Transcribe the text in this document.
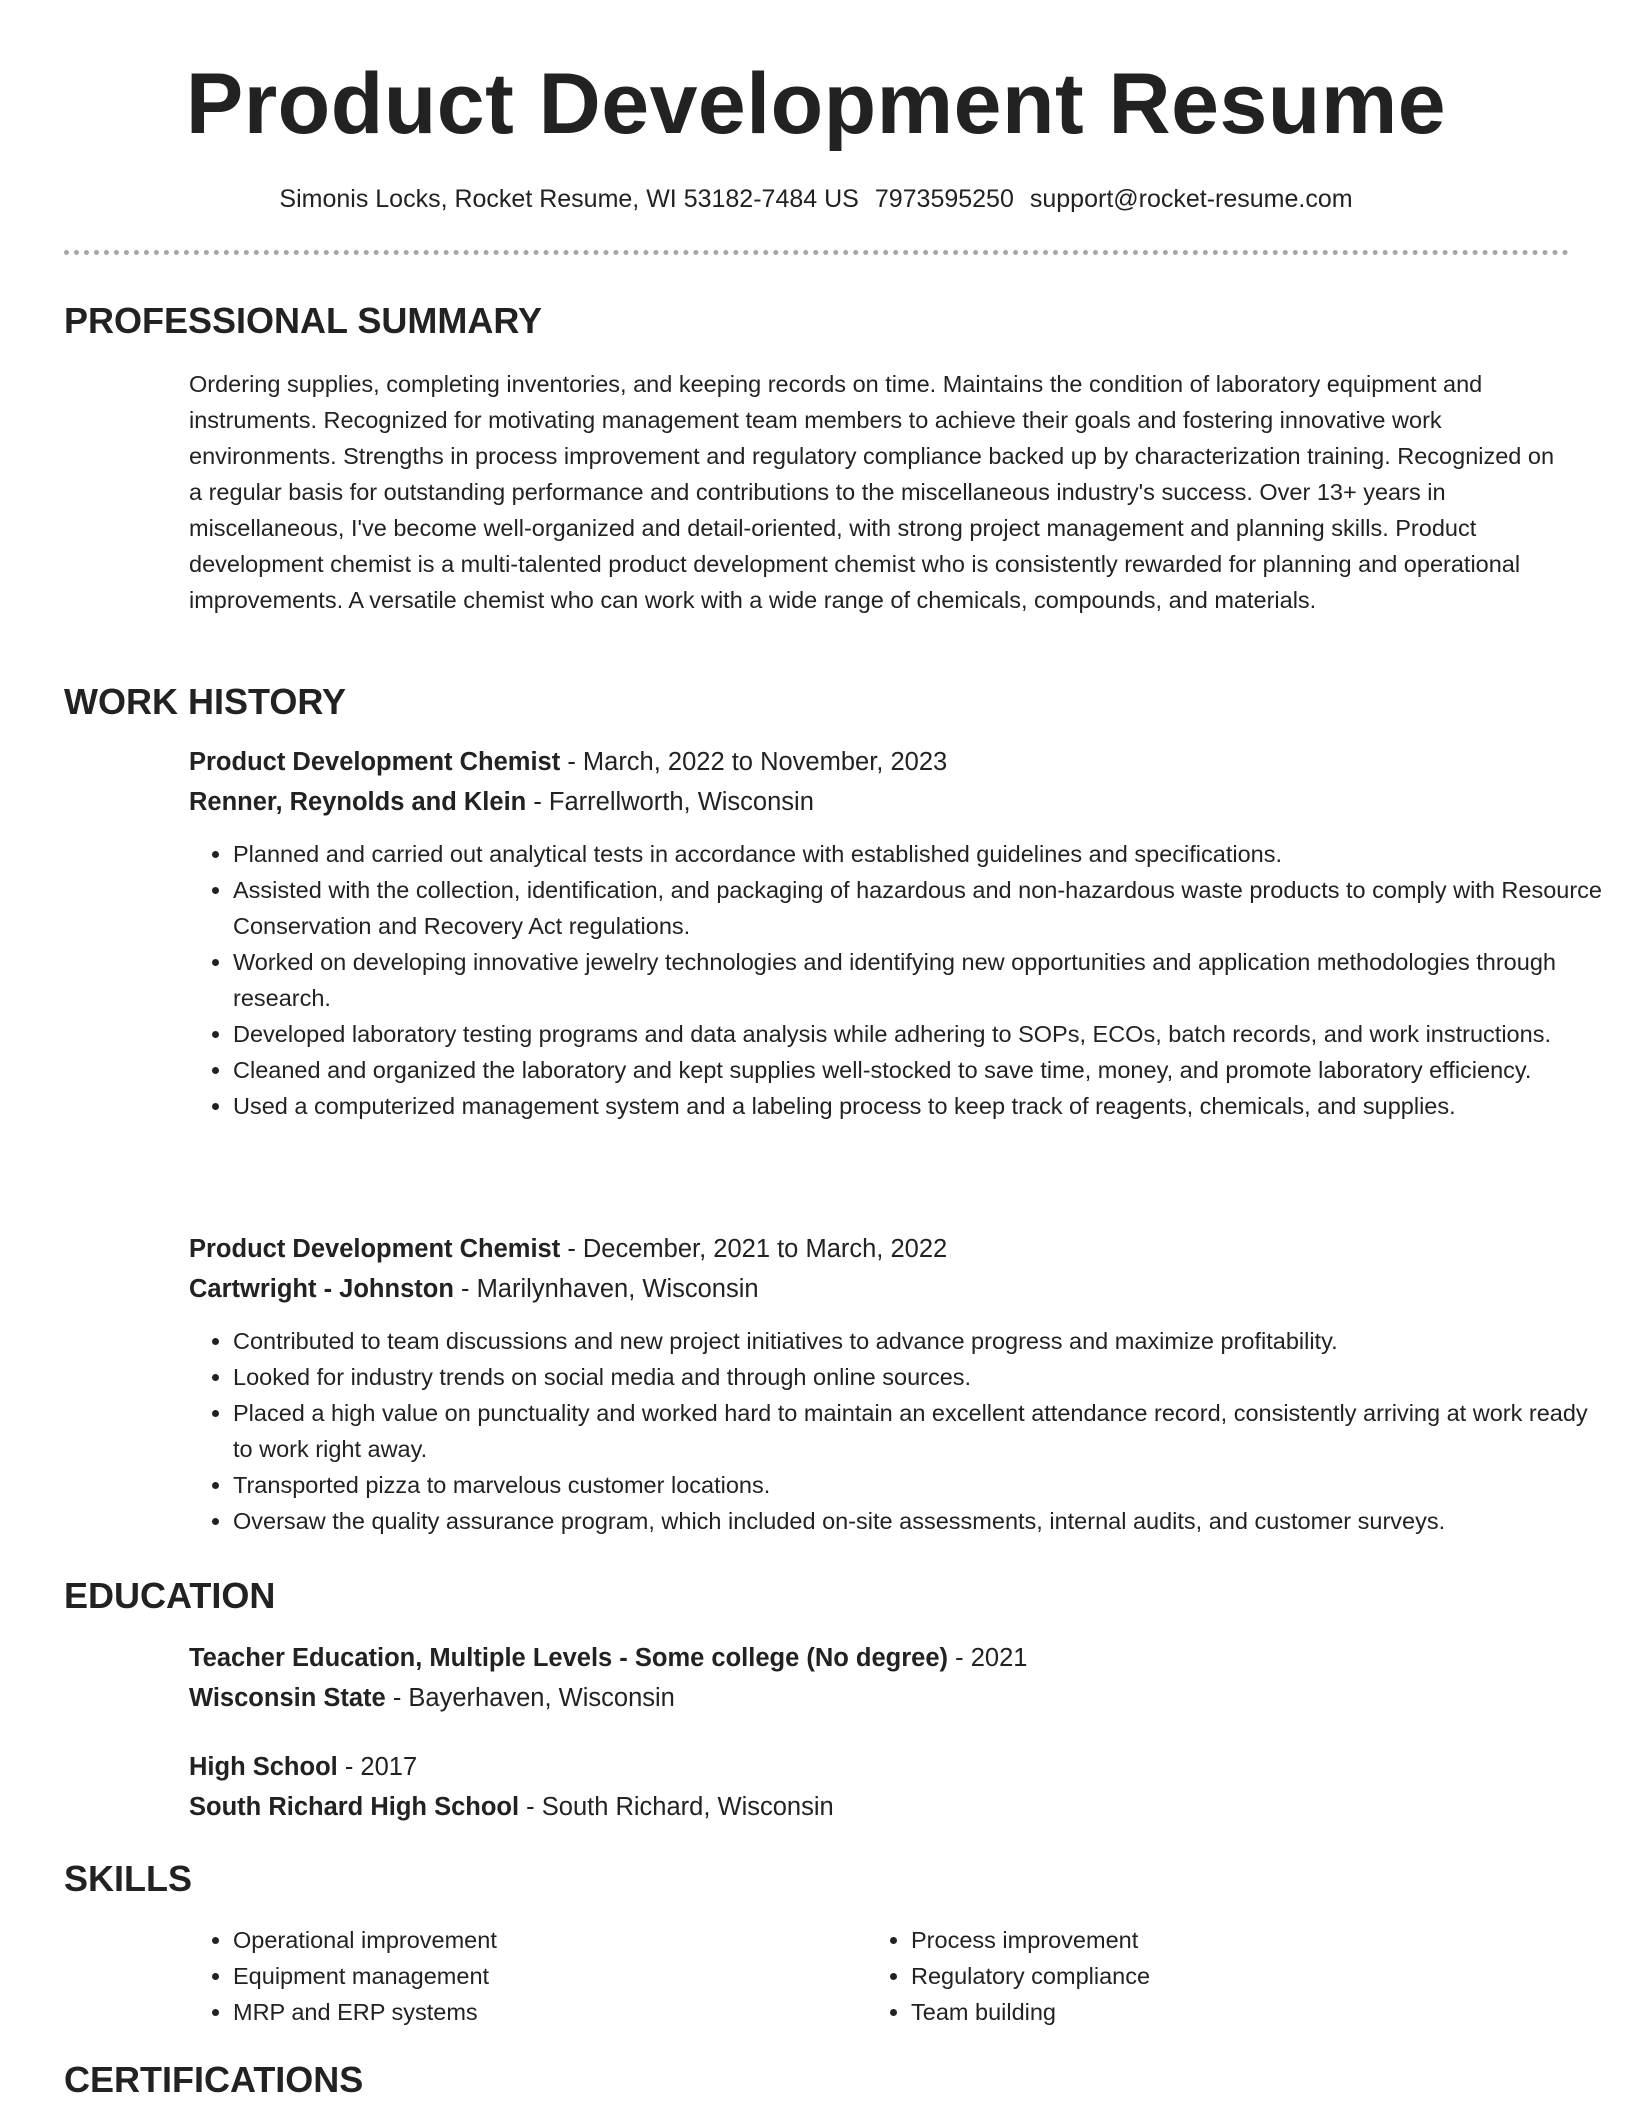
Product Development Resume
Simonis Locks, Rocket Resume, WI 53182-7484 US 7973595250 support@rocket-resume.com
PROFESSIONAL SUMMARY

Ordering supplies, completing inventories, and keeping records on time. Maintains the condition of laboratory equipment and instruments. Recognized for motivating management team members to achieve their goals and fostering innovative work environments. Strengths in process improvement and regulatory compliance backed up by characterization training. Recognized on a regular basis for outstanding performance and contributions to the miscellaneous industry's success. Over 13+ years in miscellaneous, I've become well-organized and detail-oriented, with strong project management and planning skills. Product development chemist is a multi-talented product development chemist who is consistently rewarded for planning and operational improvements. A versatile chemist who can work with a wide range of chemicals, compounds, and materials.

WORK HISTORY
Product Development Chemist - March, 2022 to November, 2023
Renner, Reynolds and Klein - Farrellworth, Wisconsin
• Planned and carried out analytical tests in accordance with established guidelines and specifications.
• Assisted with the collection, identification, and packaging of hazardous and non-hazardous waste products to comply with Resource Conservation and Recovery Act regulations.
• Worked on developing innovative jewelry technologies and identifying new opportunities and application methodologies through research.
• Developed laboratory testing programs and data analysis while adhering to SOPs, ECOs, batch records, and work instructions.
• Cleaned and organized the laboratory and kept supplies well-stocked to save time, money, and promote laboratory efficiency.
• Used a computerized management system and a labeling process to keep track of reagents, chemicals, and supplies.
Product Development Chemist - December, 2021 to March, 2022
Cartwright - Johnston - Marilynhaven, Wisconsin
• Contributed to team discussions and new project initiatives to advance progress and maximize profitability.
• Looked for industry trends on social media and through online sources.
• Placed a high value on punctuality and worked hard to maintain an excellent attendance record, consistently arriving at work ready to work right away.
• Transported pizza to marvelous customer locations.
• Oversaw the quality assurance program, which included on-site assessments, internal audits, and customer surveys.
EDUCATION
Teacher Education, Multiple Levels - Some college (No degree) - 2021
Wisconsin State - Bayerhaven, Wisconsin
High School - 2017
South Richard High School - South Richard, Wisconsin
SKILLS
• Operational improvement
• Equipment management
• MRP and ERP systems
• Process improvement
• Regulatory compliance
• Team building
CERTIFICATIONS
